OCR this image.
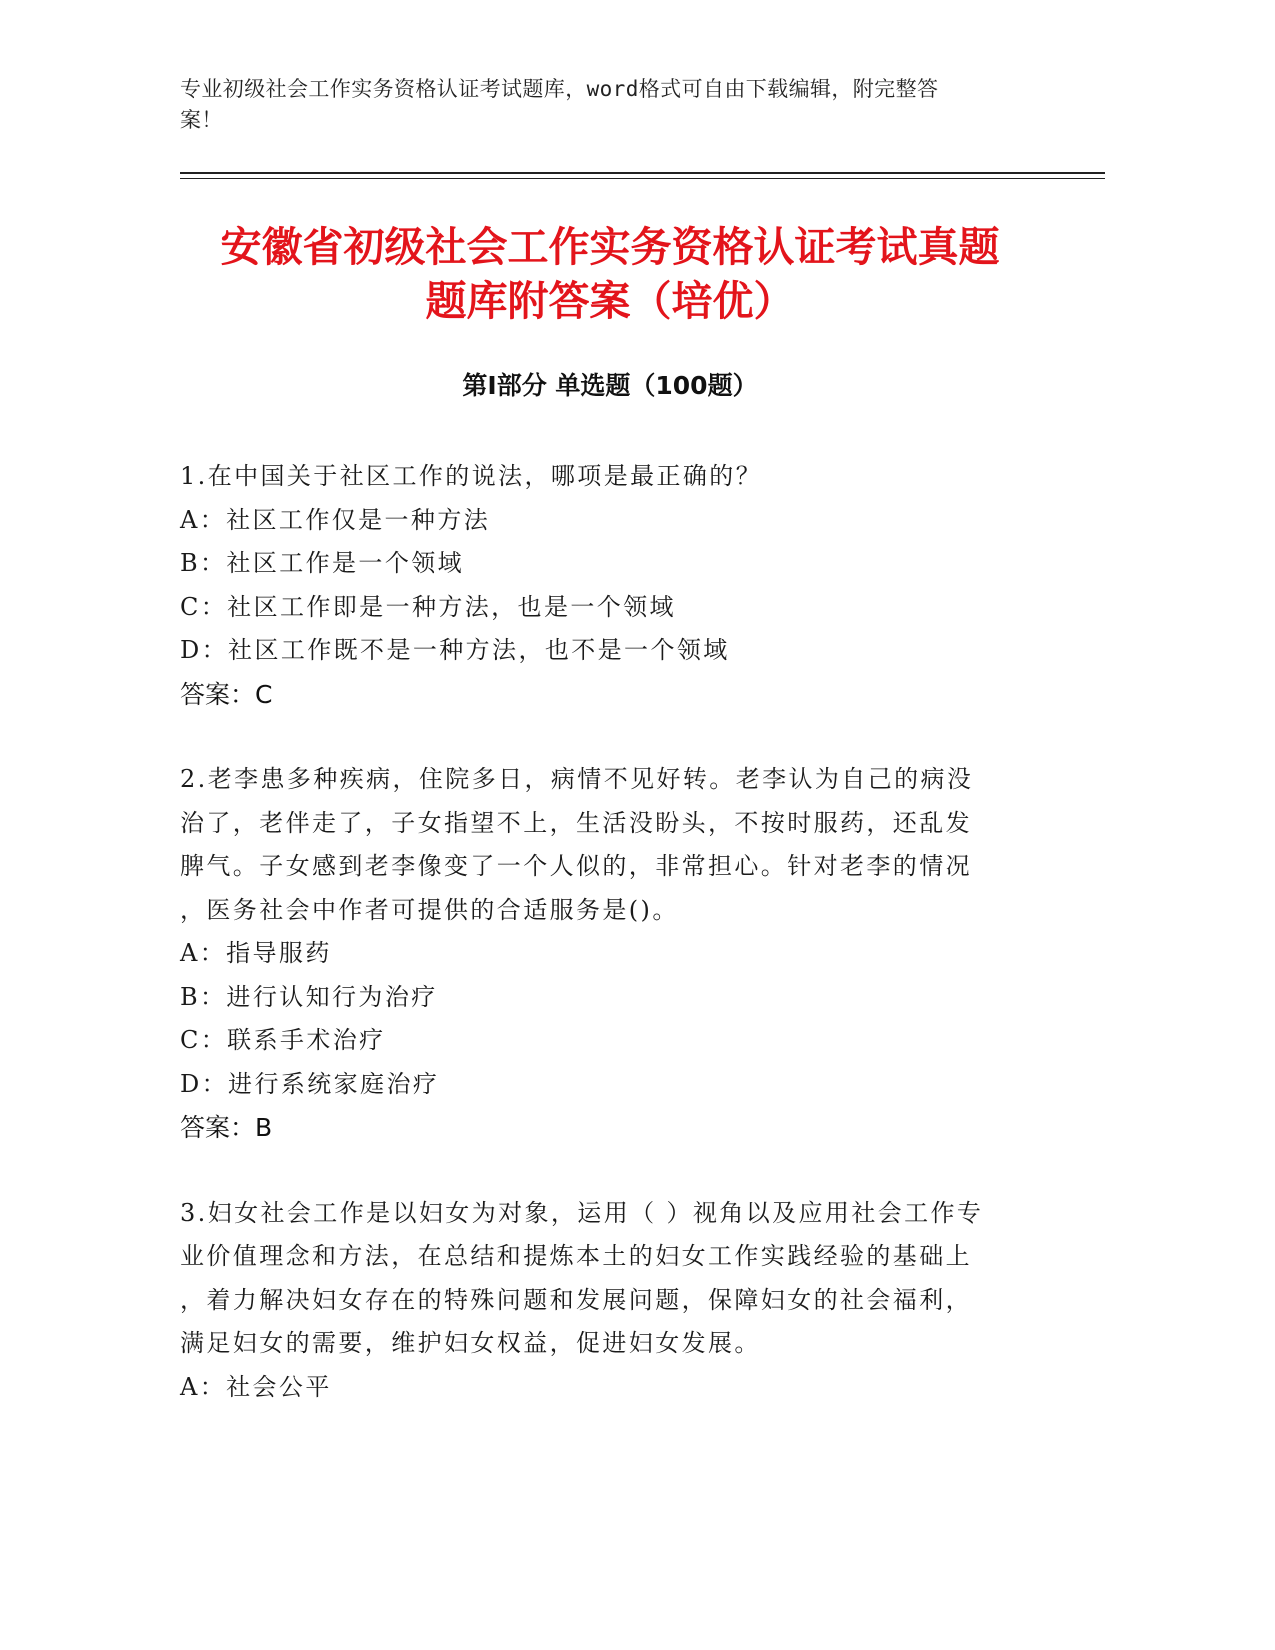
专业初级社会工作实务资格认证考试题库，word格式可自由下载编辑，附完整答
案！
安徽省初级社会工作实务资格认证考试真题
题库附答案（培优）
第Ⅰ部分 单选题（100题）
1.在中国关于社区工作的说法，哪项是最正确的？
A：社区工作仅是一种方法
B：社区工作是一个领域
C：社区工作即是一种方法，也是一个领域
D：社区工作既不是一种方法，也不是一个领域
答案：C
2.老李患多种疾病，住院多日，病情不见好转。老李认为自己的病没
治了，老伴走了，子女指望不上，生活没盼头，不按时服药，还乱发
脾气。子女感到老李像变了一个人似的，非常担心。针对老李的情况
，医务社会中作者可提供的合适服务是()。
A：指导服药
B：进行认知行为治疗
C：联系手术治疗
D：进行系统家庭治疗
答案：B
3.妇女社会工作是以妇女为对象，运用（ ）视角以及应用社会工作专
业价值理念和方法，在总结和提炼本土的妇女工作实践经验的基础上
，着力解决妇女存在的特殊问题和发展问题，保障妇女的社会福利，
满足妇女的需要，维护妇女权益，促进妇女发展。
A：社会公平
